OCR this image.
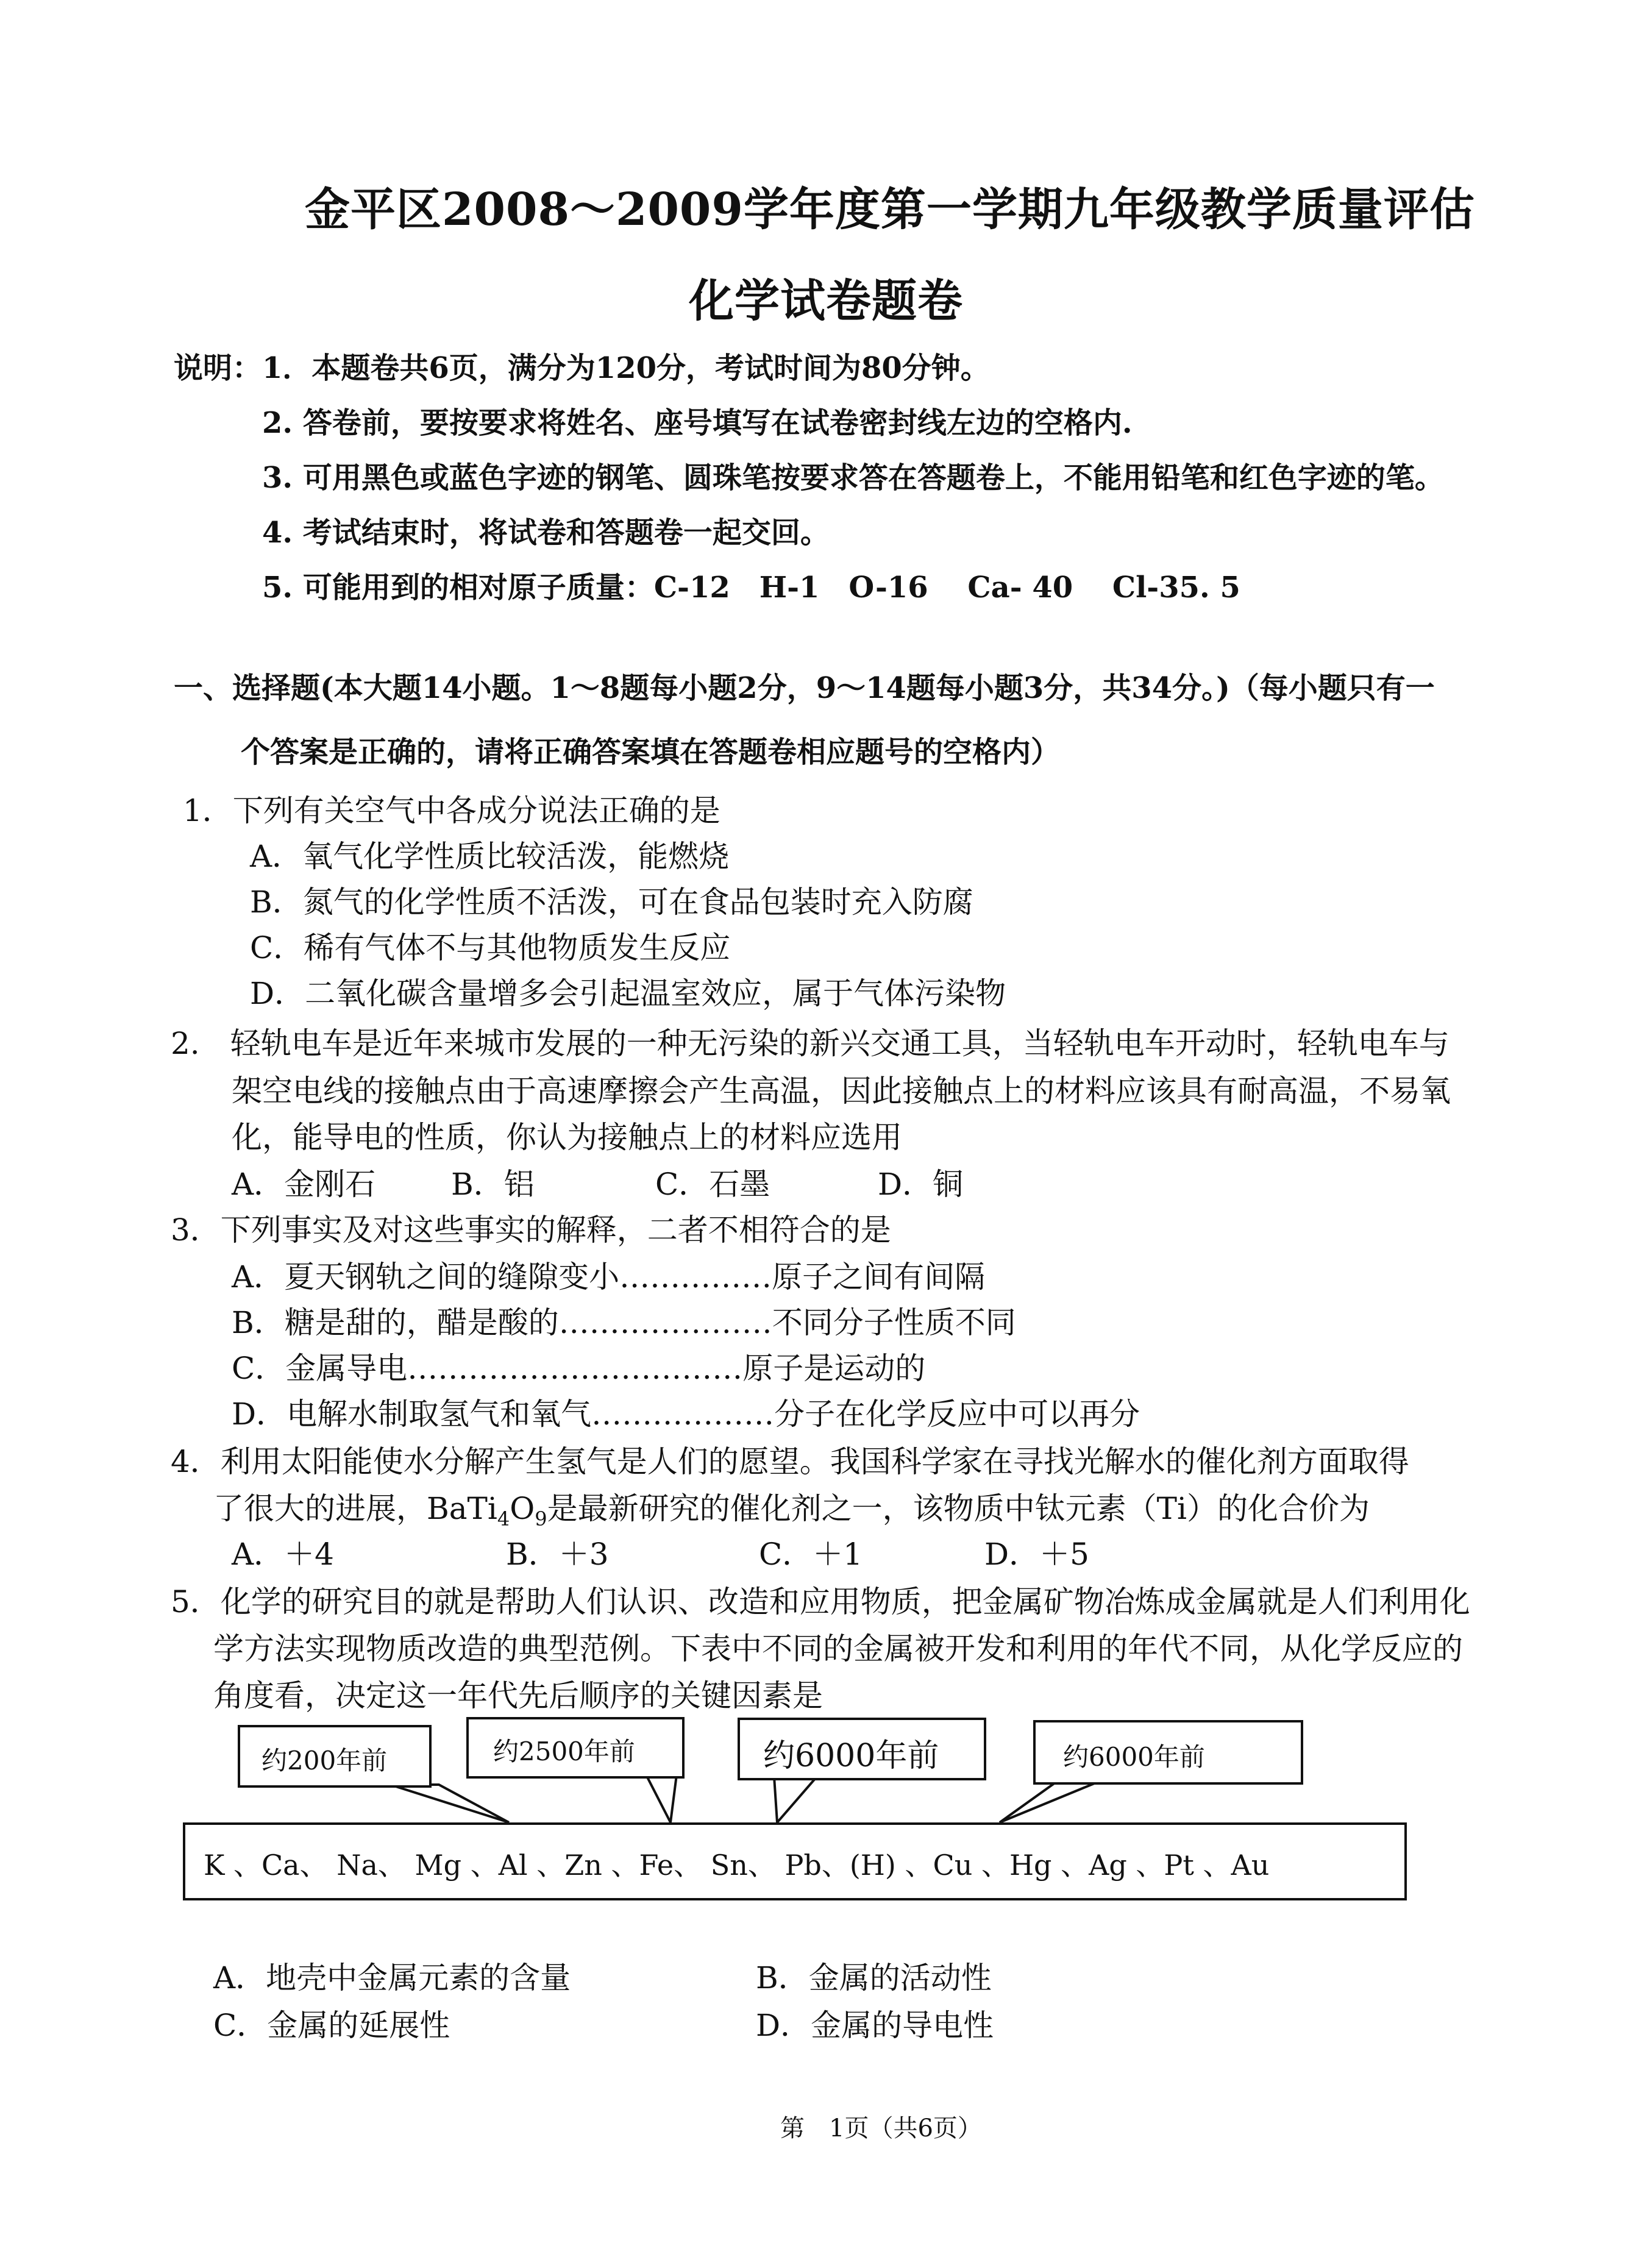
金平区2008～2009学年度第一学期九年级教学质量评估
化学试卷题卷
说明： 1．本题卷共6页，满分为120分，考试时间为80分钟。
2. 答卷前，要按要求将姓名、座号填写在试卷密封线左边的空格内.
3. 可用黑色或蓝色字迹的钢笔、圆珠笔按要求答在答题卷上，不能用铅笔和红色字迹的笔。
4. 考试结束时，将试卷和答题卷一起交回。
5. 可能用到的相对原子质量：C-12　H-1　O-16　 Ca- 40　 Cl-35. 5
一、选择题(本大题14小题。1～8题每小题2分，9～14题每小题3分，共34分。)（每小题只有一
个答案是正确的，请将正确答案填在答题卷相应题号的空格内）
1．下列有关空气中各成分说法正确的是
A．氧气化学性质比较活泼，能燃烧
B．氮气的化学性质不活泼，可在食品包装时充入防腐
C．稀有气体不与其他物质发生反应
D．二氧化碳含量增多会引起温室效应，属于气体污染物
2.　轻轨电车是近年来城市发展的一种无污染的新兴交通工具，当轻轨电车开动时，轻轨电车与
架空电线的接触点由于高速摩擦会产生高温，因此接触点上的材料应该具有耐高温，不易氧
化，能导电的性质，你认为接触点上的材料应选用
A．金刚石 B．铝	C．石墨	D．铜
3．下列事实及对这些事实的解释，二者不相符合的是
A．夏天钢轨之间的缝隙变小……………原子之间有间隔
B．糖是甜的，醋是酸的…………………不同分子性质不同
C．金属导电……………………………原子是运动的
D．电解水制取氢气和氧气………………分子在化学反应中可以再分
4．利用太阳能使水分解产生氢气是人们的愿望。我国科学家在寻找光解水的催化剂方面取得
了很大的进展，$BaTi_4O_9$是最新研究的催化剂之一，该物质中钛元素（Ti）的化合价为
A．＋4	B．＋3	C．＋1	D．＋5
5．化学的研究目的就是帮助人们认识、改造和应用物质，把金属矿物冶炼成金属就是人们利用化
学方法实现物质改造的典型范例。下表中不同的金属被开发和利用的年代不同，从化学反应的
角度看，决定这一年代先后顺序的关键因素是
约200年前	约2500年前	约6000年前	约6000年前
K 、Ca、 Na、 Mg 、Al 、Zn 、Fe、 Sn、 Pb、(H) 、Cu 、Hg 、Ag 、Pt 、Au
A．地壳中金属元素的含量	B．金属的活动性
C．金属的延展性	D．金属的导电性
第　1页（共6页）
